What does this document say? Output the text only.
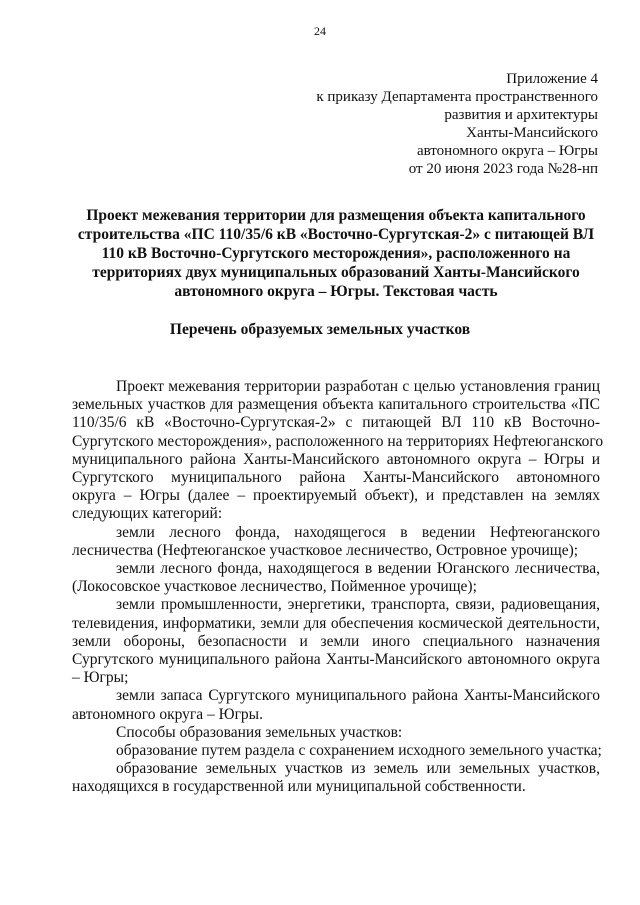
24
Приложение 4
к приказу Департамента пространственного
развития и архитектуры
Ханты-Мансийского
автономного округа – Югры
от 20 июня 2023 года №28-нп
Проект межевания территории для размещения объекта капитального
строительства «ПС 110/35/6 кВ «Восточно-Сургутская-2» с питающей ВЛ
110 кВ Восточно-Сургутского месторождения», расположенного на
территориях двух муниципальных образований Ханты-Мансийского
автономного округа – Югры. Текстовая часть
Перечень образуемых земельных участков
Проект межевания территории разработан с целью установления границ
земельных участков для размещения объекта капитального строительства «ПС
110/35/6 кВ «Восточно-Сургутская-2» с питающей ВЛ 110 кВ Восточно-
Сургутского месторождения», расположенного на территориях Нефтеюганского
муниципального района Ханты-Мансийского автономного округа – Югры и
Сургутского муниципального района Ханты-Мансийского автономного
округа – Югры (далее – проектируемый объект), и представлен на землях
следующих категорий:
земли лесного фонда, находящегося в ведении Нефтеюганского
лесничества (Нефтеюганское участковое лесничество, Островное урочище);
земли лесного фонда, находящегося в ведении Юганского лесничества,
(Локосовское участковое лесничество, Пойменное урочище);
земли промышленности, энергетики, транспорта, связи, радиовещания,
телевидения, информатики, земли для обеспечения космической деятельности,
земли обороны, безопасности и земли иного специального назначения
Сургутского муниципального района Ханты-Мансийского автономного округа
– Югры;
земли запаса Сургутского муниципального района Ханты-Мансийского
автономного округа – Югры.
Способы образования земельных участков:
образование путем раздела с сохранением исходного земельного участка;
образование земельных участков из земель или земельных участков,
находящихся в государственной или муниципальной собственности.
